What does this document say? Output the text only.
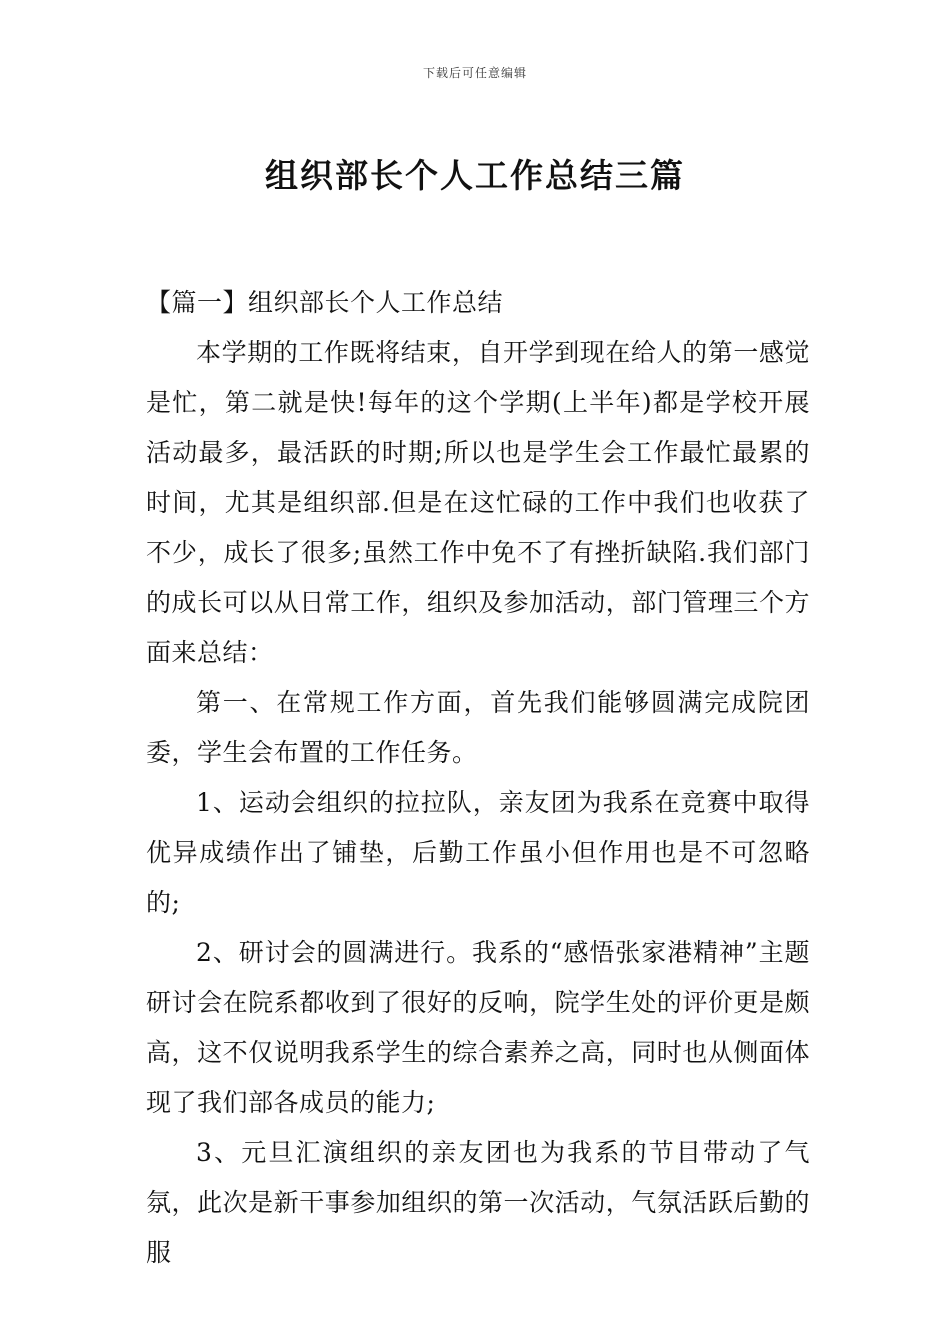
下载后可任意编辑
组织部长个人工作总结三篇

【篇一】组织部长个人工作总结

本学期的工作既将结束，自开学到现在给人的第一感觉是忙，第二就是快!每年的这个学期(上半年)都是学校开展活动最多，最活跃的时期;所以也是学生会工作最忙最累的时间，尤其是组织部.但是在这忙碌的工作中我们也收获了不少，成长了很多;虽然工作中免不了有挫折缺陷.我们部门的成长可以从日常工作，组织及参加活动，部门管理三个方面来总结：

第一、在常规工作方面，首先我们能够圆满完成院团委，学生会布置的工作任务。

1、运动会组织的拉拉队，亲友团为我系在竞赛中取得优异成绩作出了铺垫，后勤工作虽小但作用也是不可忽略的;

2、研讨会的圆满进行。我系的“感悟张家港精神”主题研讨会在院系都收到了很好的反响，院学生处的评价更是颇高，这不仅说明我系学生的综合素养之高，同时也从侧面体现了我们部各成员的能力;

3、元旦汇演组织的亲友团也为我系的节目带动了气氛，此次是新干事参加组织的第一次活动，气氛活跃后勤的服
